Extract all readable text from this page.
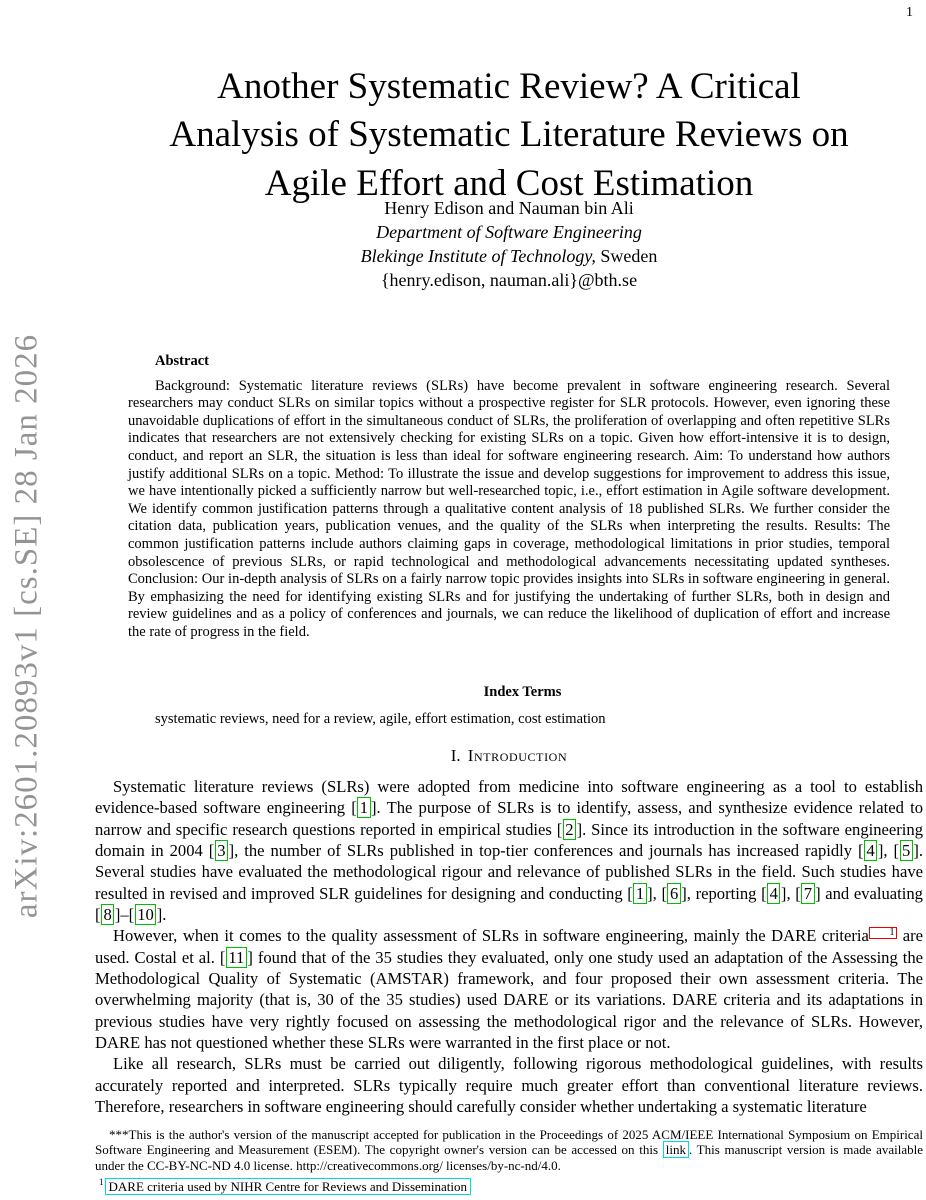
1
arXiv:2601.20893v1 [cs.SE] 28 Jan 2026
Another Systematic Review? A Critical
Analysis of Systematic Literature Reviews on
Agile Effort and Cost Estimation
Henry Edison and Nauman bin Ali
Department of Software Engineering
Blekinge Institute of Technology, Sweden
{henry.edison, nauman.ali}@bth.se

Abstract

Background: Systematic literature reviews (SLRs) have become prevalent in software engineering research. Several researchers may conduct SLRs on similar topics without a prospective register for SLR protocols. However, even ignoring these unavoidable duplications of effort in the simultaneous conduct of SLRs, the proliferation of overlapping and often repetitive SLRs indicates that researchers are not extensively checking for existing SLRs on a topic. Given how effort-intensive it is to design, conduct, and report an SLR, the situation is less than ideal for software engineering research. Aim: To understand how authors justify additional SLRs on a topic. Method: To illustrate the issue and develop suggestions for improvement to address this issue, we have intentionally picked a sufficiently narrow but well-researched topic, i.e., effort estimation in Agile software development. We identify common justification patterns through a qualitative content analysis of 18 published SLRs. We further consider the citation data, publication years, publication venues, and the quality of the SLRs when interpreting the results. Results: The common justification patterns include authors claiming gaps in coverage, methodological limitations in prior studies, temporal obsolescence of previous SLRs, or rapid technological and methodological advancements necessitating updated syntheses. Conclusion: Our in-depth analysis of SLRs on a fairly narrow topic provides insights into SLRs in software engineering in general. By emphasizing the need for identifying existing SLRs and for justifying the undertaking of further SLRs, both in design and review guidelines and as a policy of conferences and journals, we can reduce the likelihood of duplication of effort and increase the rate of progress in the field.

Index Terms

systematic reviews, need for a review, agile, effort estimation, cost estimation

I. Introduction

Systematic literature reviews (SLRs) were adopted from medicine into software engineering as a tool to establish evidence-based software engineering [ 1 ]. The purpose of SLRs is to identify, assess, and synthesize evidence related to narrow and specific research questions reported in empirical studies [ 2 ]. Since its introduction in the software engineering domain in 2004 [ 3 ], the number of SLRs published in top-tier conferences and journals has increased rapidly [ 4 ], [ 5 ]. Several studies have evaluated the methodological rigour and relevance of published SLRs in the field. Such studies have resulted in revised and improved SLR guidelines for designing and conducting [ 1 ], [ 6 ], reporting [ 4 ], [ 7 ] and evaluating [ 8 ]–[ 10 ].

However, when it comes to the quality assessment of SLRs in software engineering, mainly the DARE criteria 1 are used. Costal et al. [ 11 ] found that of the 35 studies they evaluated, only one study used an adaptation of the Assessing the Methodological Quality of Systematic (AMSTAR) framework, and four proposed their own assessment criteria. The overwhelming majority (that is, 30 of the 35 studies) used DARE or its variations. DARE criteria and its adaptations in previous studies have very rightly focused on assessing the methodological rigor and the relevance of SLRs. However, DARE has not questioned whether these SLRs were warranted in the first place or not.

Like all research, SLRs must be carried out diligently, following rigorous methodological guidelines, with results accurately reported and interpreted. SLRs typically require much greater effort than conventional literature reviews. Therefore, researchers in software engineering should carefully consider whether undertaking a systematic literature

***This is the author's version of the manuscript accepted for publication in the Proceedings of 2025 ACM/IEEE International Symposium on Empirical Software Engineering and Measurement (ESEM). The copyright owner's version can be accessed on this link . This manuscript version is made available under the CC-BY-NC-ND 4.0 license. http://creativecommons.org/ licenses/by-nc-nd/4.0.

$^1$ DARE criteria used by NIHR Centre for Reviews and Dissemination
